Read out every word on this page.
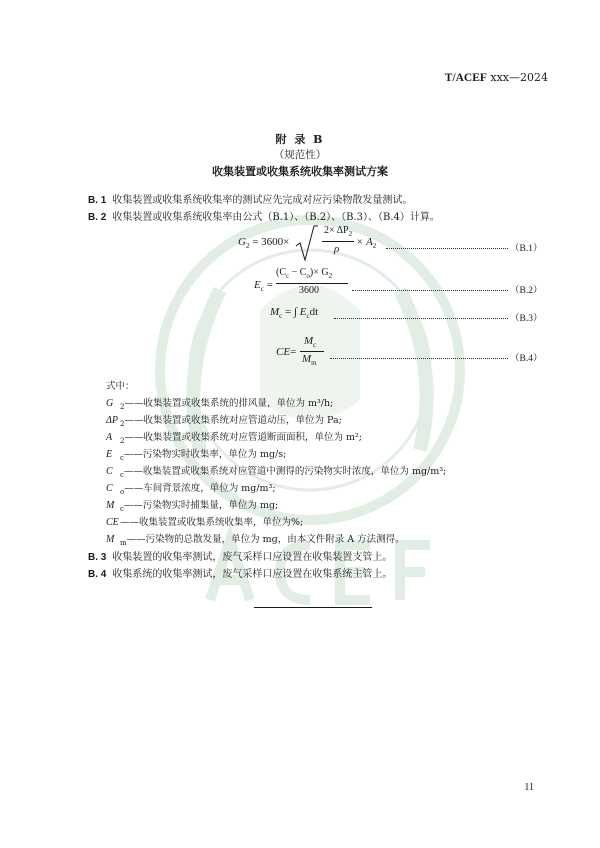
T/ACEF xxx—2024
附 录 B
（规范性）
收集装置或收集系统收集率测试方案
B. 1 收集装置或收集系统收集率的测试应先完成对应污染物散发量测试。
B. 2 收集装置或收集系统收集率由公式（B.1）、（B.2）、（B.3）、（B.4）计算。
$G_2 = 3600\times$
$2\times \Delta P_2$
ρ
× $A_2$	（B.1）
$E_c$ =
$(C_c - C_o)\times G_2$
3600	（B.2）
$M_c$ = ∫ $E_cdt$
（B.3）
CE=
$M_c$
$M_m$	（B.4）
式中：
G $_2$——收集装置或收集系统的排风量，单位为 m³/h;
ΔP $_2$——收集装置或收集系统对应管道动压，单位为 Pa;
A $_2$——收集装置或收集系统对应管道断面面积，单位为 m²;
E $_c$——污染物实时收集率，单位为 mg/s;
C $_c$——收集装置或收集系统对应管道中测得的污染物实时浓度，单位为 mg/m³;
C $_o$——车间背景浓度，单位为 mg/m³;
M $_c$——污染物实时捕集量，单位为 mg;
CE——收集装置或收集系统收集率，单位为%;
M $_m$——污染物的总散发量，单位为 mg，由本文件附录 A 方法测得。
B. 3 收集装置的收集率测试，废气采样口应设置在收集装置支管上。
B. 4 收集系统的收集率测试，废气采样口应设置在收集系统主管上。
11
